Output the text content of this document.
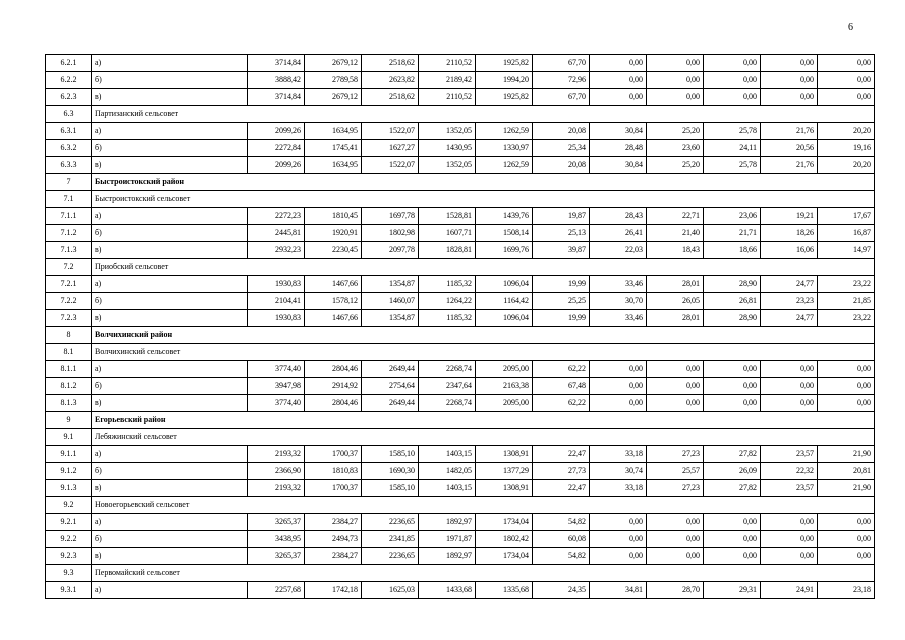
6
6.2.1	а)	3714,84	2679,12	2518,62	2110,52	1925,82	67,70	0,00	0,00	0,00	0,00	0,00
6.2.2	б)	3888,42	2789,58	2623,82	2189,42	1994,20	72,96	0,00	0,00	0,00	0,00	0,00
6.2.3	в)	3714,84	2679,12	2518,62	2110,52	1925,82	67,70	0,00	0,00	0,00	0,00	0,00
6.3	Партизанский сельсовет											
6.3.1	а)	2099,26	1634,95	1522,07	1352,05	1262,59	20,08	30,84	25,20	25,78	21,76	20,20
6.3.2	б)	2272,84	1745,41	1627,27	1430,95	1330,97	25,34	28,48	23,60	24,11	20,56	19,16
6.3.3	в)	2099,26	1634,95	1522,07	1352,05	1262,59	20,08	30,84	25,20	25,78	21,76	20,20
7	Быстроистокский район											
7.1	Быстроистокский сельсовет											
7.1.1	а)	2272,23	1810,45	1697,78	1528,81	1439,76	19,87	28,43	22,71	23,06	19,21	17,67
7.1.2	б)	2445,81	1920,91	1802,98	1607,71	1508,14	25,13	26,41	21,40	21,71	18,26	16,87
7.1.3	в)	2932,23	2230,45	2097,78	1828,81	1699,76	39,87	22,03	18,43	18,66	16,06	14,97
7.2	Приобский сельсовет											
7.2.1	а)	1930,83	1467,66	1354,87	1185,32	1096,04	19,99	33,46	28,01	28,90	24,77	23,22
7.2.2	б)	2104,41	1578,12	1460,07	1264,22	1164,42	25,25	30,70	26,05	26,81	23,23	21,85
7.2.3	в)	1930,83	1467,66	1354,87	1185,32	1096,04	19,99	33,46	28,01	28,90	24,77	23,22
8	Волчихинский район											
8.1	Волчихинский сельсовет											
8.1.1	а)	3774,40	2804,46	2649,44	2268,74	2095,00	62,22	0,00	0,00	0,00	0,00	0,00
8.1.2	б)	3947,98	2914,92	2754,64	2347,64	2163,38	67,48	0,00	0,00	0,00	0,00	0,00
8.1.3	в)	3774,40	2804,46	2649,44	2268,74	2095,00	62,22	0,00	0,00	0,00	0,00	0,00
9	Егорьевский район											
9.1	Лебяжинский сельсовет											
9.1.1	а)	2193,32	1700,37	1585,10	1403,15	1308,91	22,47	33,18	27,23	27,82	23,57	21,90
9.1.2	б)	2366,90	1810,83	1690,30	1482,05	1377,29	27,73	30,74	25,57	26,09	22,32	20,81
9.1.3	в)	2193,32	1700,37	1585,10	1403,15	1308,91	22,47	33,18	27,23	27,82	23,57	21,90
9.2	Новоегорьевский сельсовет											
9.2.1	а)	3265,37	2384,27	2236,65	1892,97	1734,04	54,82	0,00	0,00	0,00	0,00	0,00
9.2.2	б)	3438,95	2494,73	2341,85	1971,87	1802,42	60,08	0,00	0,00	0,00	0,00	0,00
9.2.3	в)	3265,37	2384,27	2236,65	1892,97	1734,04	54,82	0,00	0,00	0,00	0,00	0,00
9.3	Первомайский сельсовет											
9.3.1	а)	2257,68	1742,18	1625,03	1433,68	1335,68	24,35	34,81	28,70	29,31	24,91	23,18
